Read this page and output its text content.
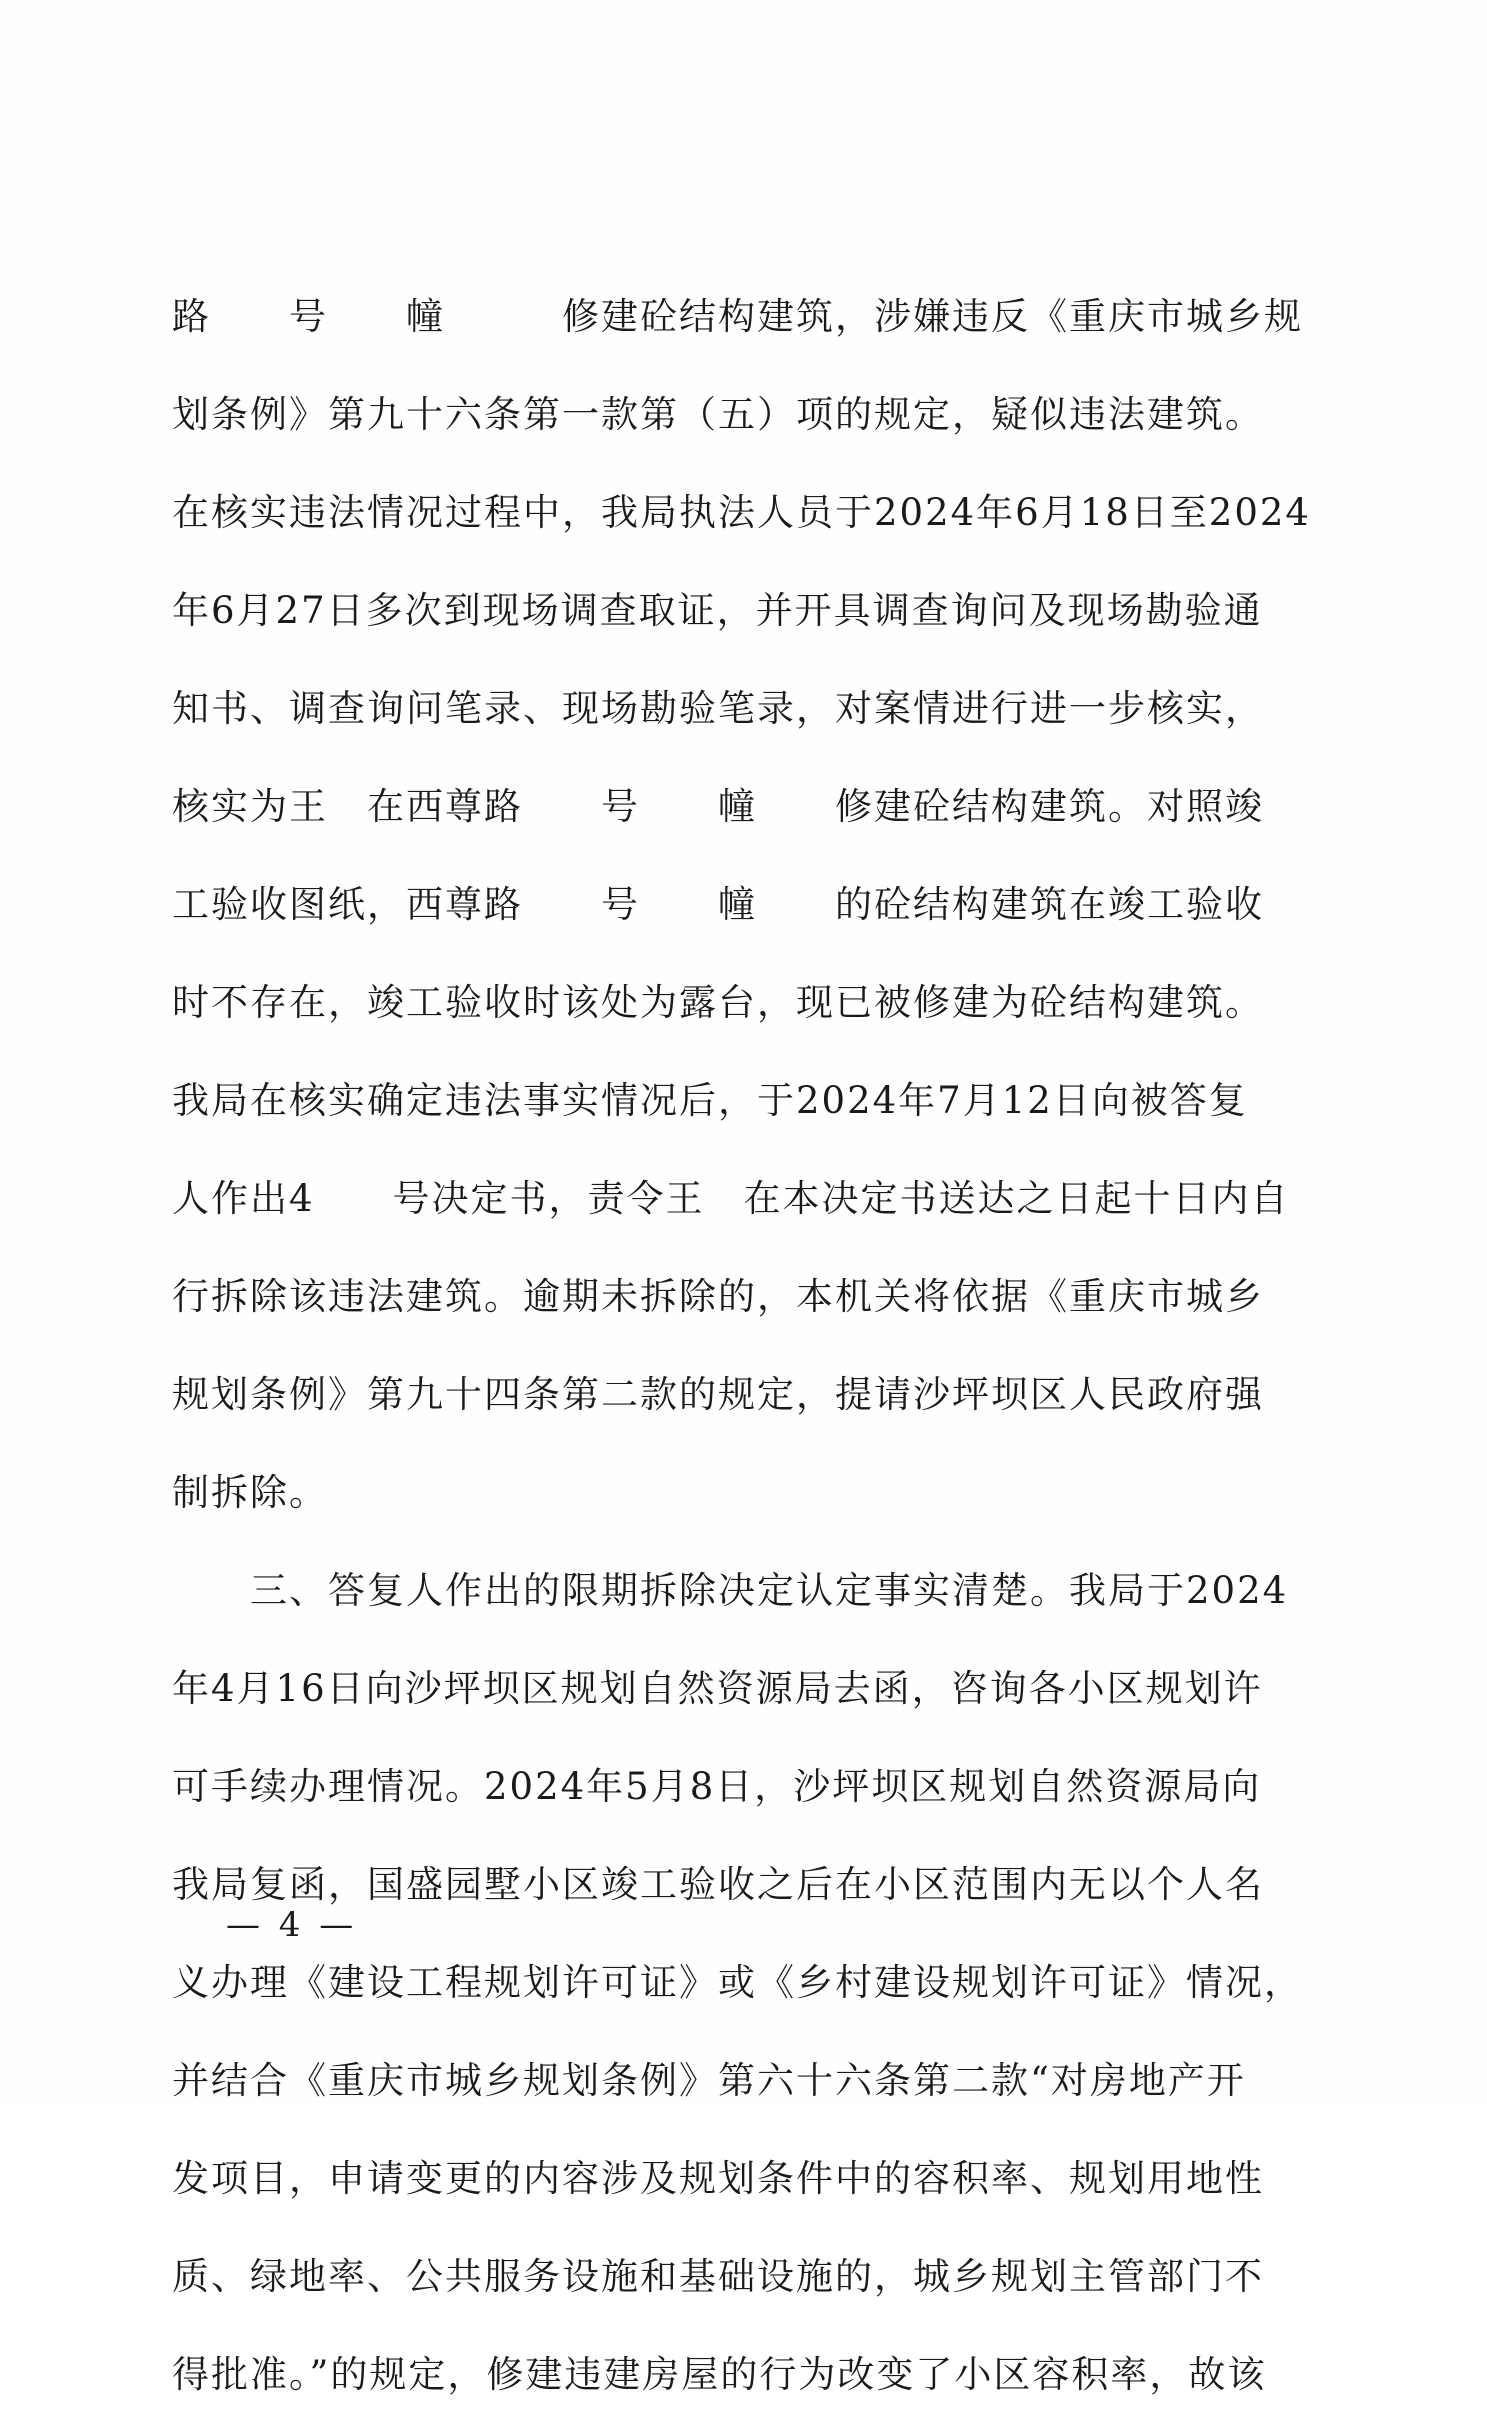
路　　号　　幢　　　修建砼结构建筑，涉嫌违反《重庆市城乡规
划条例》第九十六条第一款第（五）项的规定，疑似违法建筑。
在核实违法情况过程中，我局执法人员于2024年6月18日至2024
年6月27日多次到现场调查取证，并开具调查询问及现场勘验通
知书、调查询问笔录、现场勘验笔录，对案情进行进一步核实，
核实为王　在西尊路　　号　　幢　　修建砼结构建筑。对照竣
工验收图纸，西尊路　　号　　幢　　的砼结构建筑在竣工验收
时不存在，竣工验收时该处为露台，现已被修建为砼结构建筑。
我局在核实确定违法事实情况后，于2024年7月12日向被答复
人作出4　　号决定书，责令王　在本决定书送达之日起十日内自
行拆除该违法建筑。逾期未拆除的，本机关将依据《重庆市城乡
规划条例》第九十四条第二款的规定，提请沙坪坝区人民政府强
制拆除。
　　三、答复人作出的限期拆除决定认定事实清楚。我局于2024
年4月16日向沙坪坝区规划自然资源局去函，咨询各小区规划许
可手续办理情况。2024年5月8日，沙坪坝区规划自然资源局向
我局复函，国盛园墅小区竣工验收之后在小区范围内无以个人名
义办理《建设工程规划许可证》或《乡村建设规划许可证》情况，
并结合《重庆市城乡规划条例》第六十六条第二款“对房地产开
发项目，申请变更的内容涉及规划条件中的容积率、规划用地性
质、绿地率、公共服务设施和基础设施的，城乡规划主管部门不
得批准。”的规定，修建违建房屋的行为改变了小区容积率，故该
— 4 —
